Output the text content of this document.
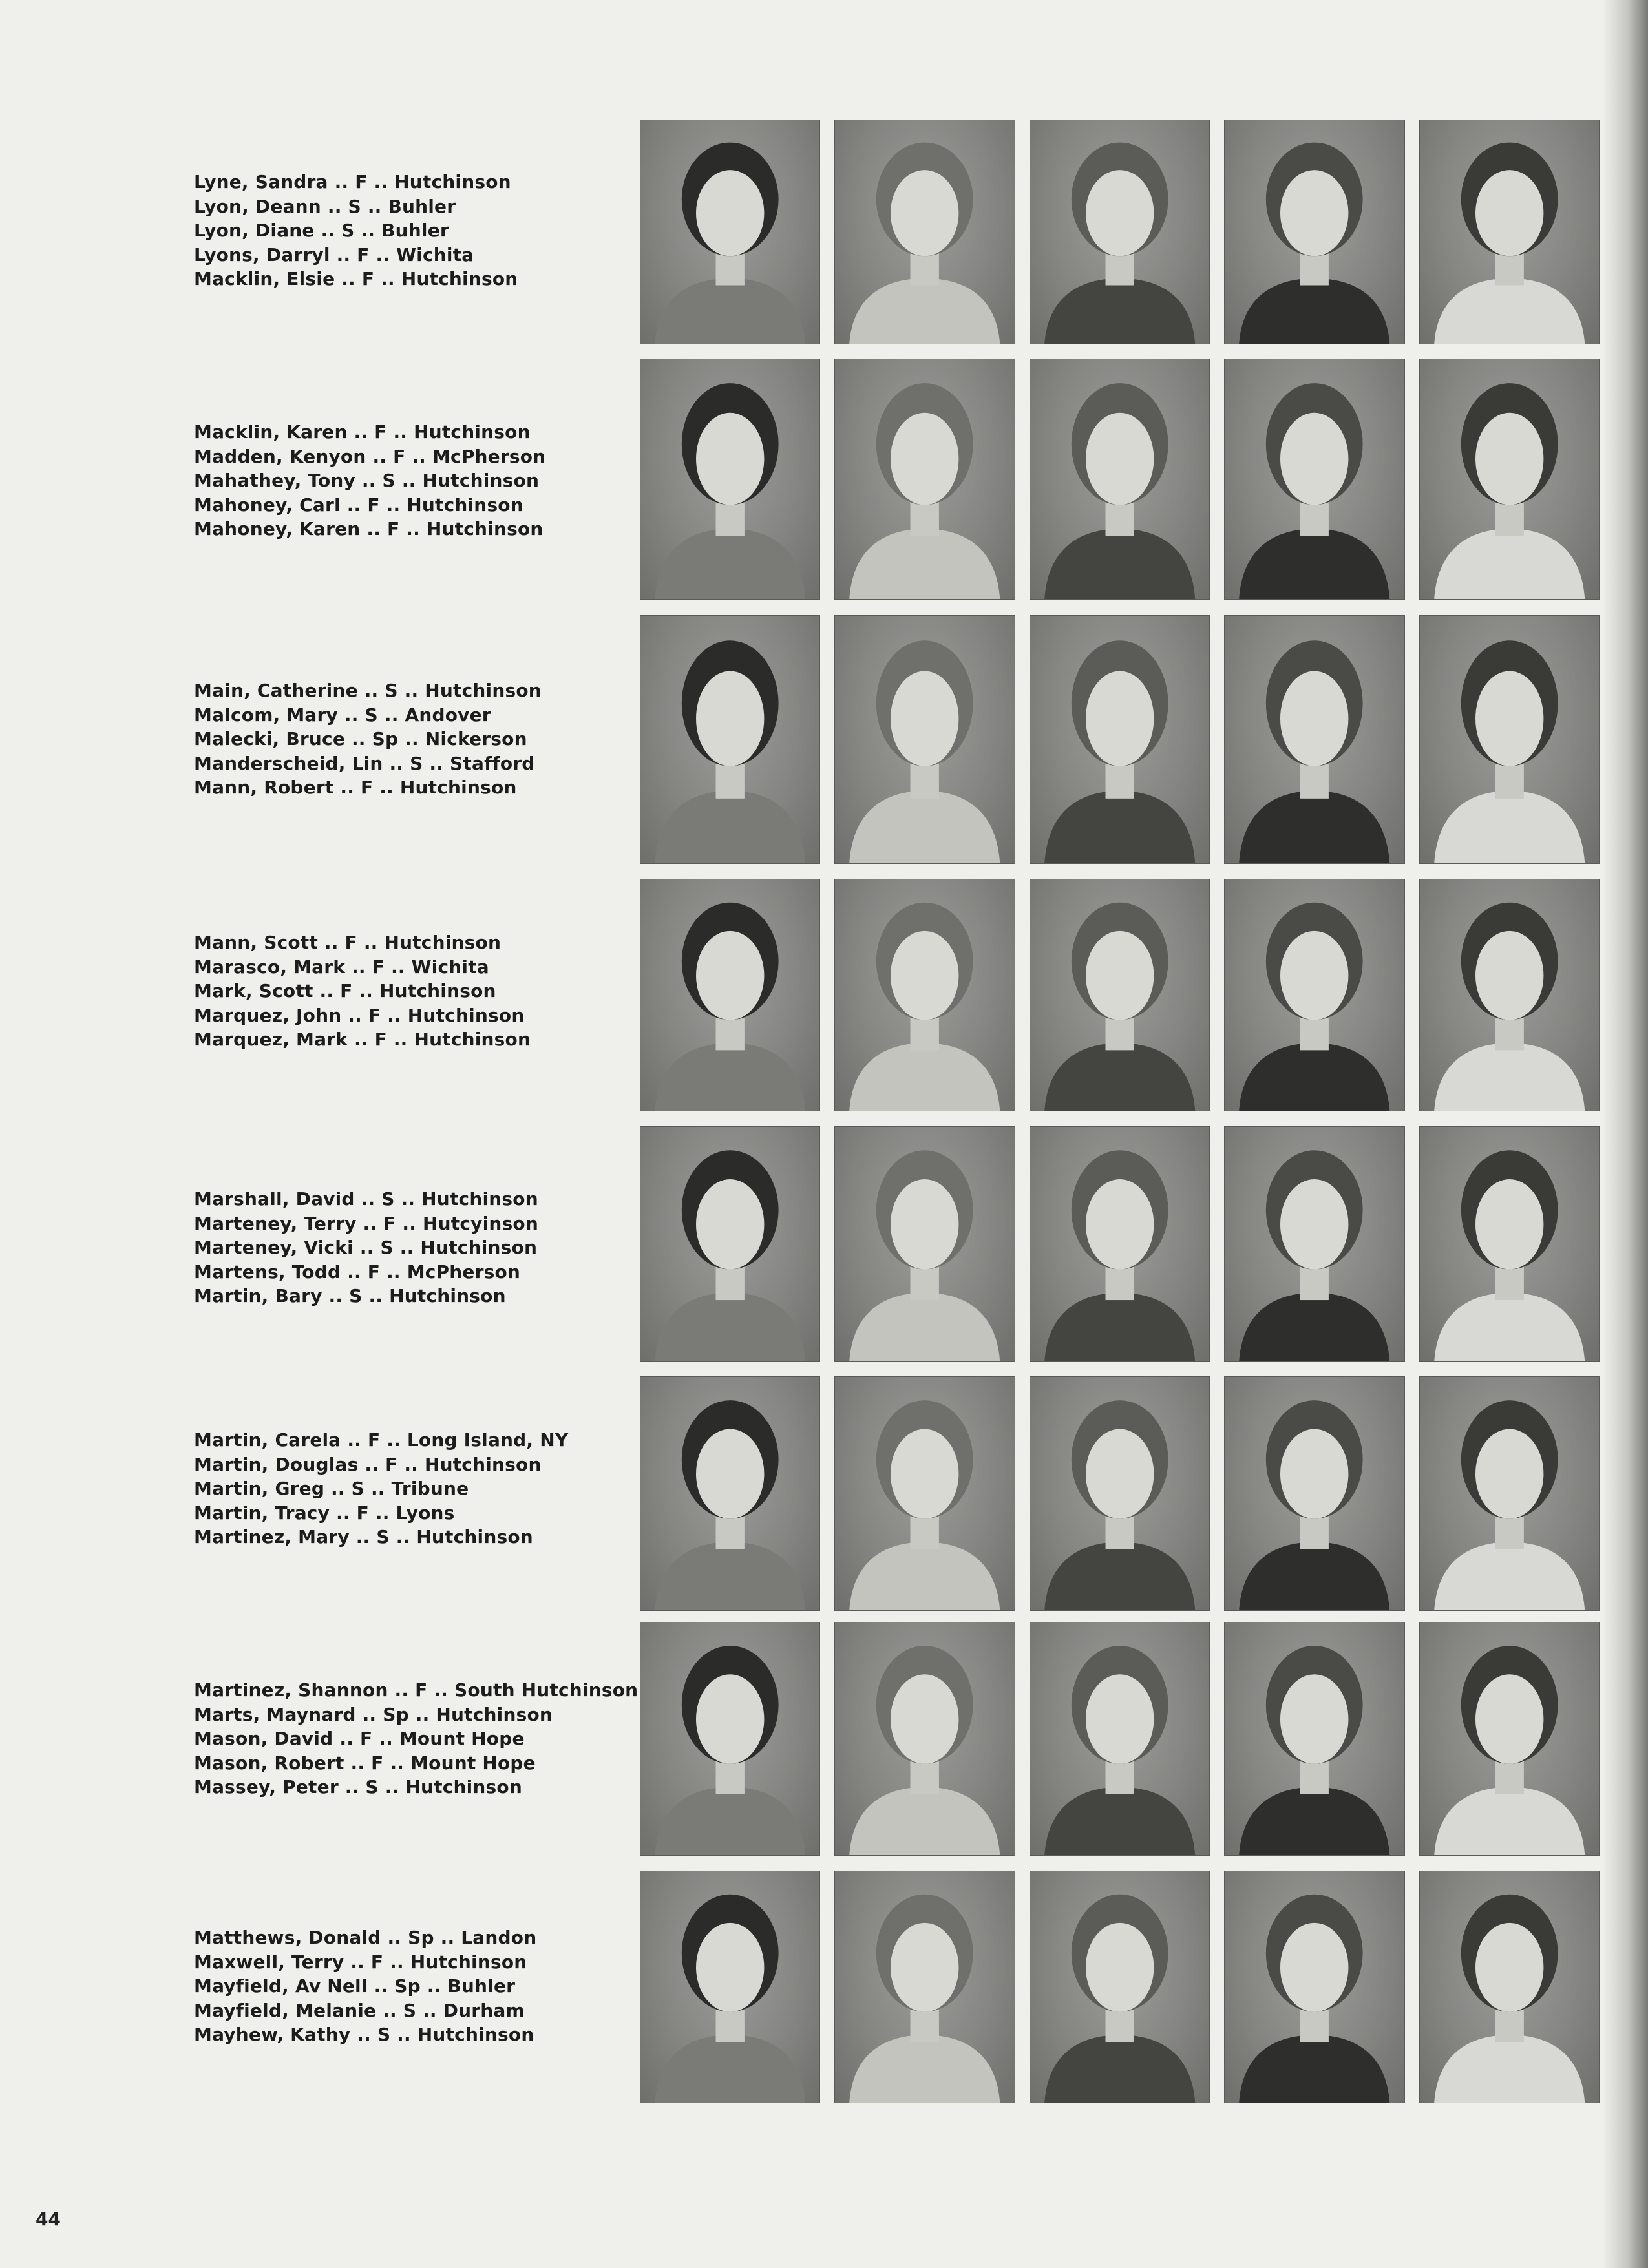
Lyne, Sandra .. F .. Hutchinson
Lyon, Deann .. S .. Buhler
Lyon, Diane .. S .. Buhler
Lyons, Darryl .. F .. Wichita
Macklin, Elsie .. F .. Hutchinson
Macklin, Karen .. F .. Hutchinson
Madden, Kenyon .. F .. McPherson
Mahathey, Tony .. S .. Hutchinson
Mahoney, Carl .. F .. Hutchinson
Mahoney, Karen .. F .. Hutchinson
Main, Catherine .. S .. Hutchinson
Malcom, Mary .. S .. Andover
Malecki, Bruce .. Sp .. Nickerson
Manderscheid, Lin .. S .. Stafford
Mann, Robert .. F .. Hutchinson
Mann, Scott .. F .. Hutchinson
Marasco, Mark .. F .. Wichita
Mark, Scott .. F .. Hutchinson
Marquez, John .. F .. Hutchinson
Marquez, Mark .. F .. Hutchinson
Marshall, David .. S .. Hutchinson
Marteney, Terry .. F .. Hutcyinson
Marteney, Vicki .. S .. Hutchinson
Martens, Todd .. F .. McPherson
Martin, Bary .. S .. Hutchinson
Martin, Carela .. F .. Long Island, NY
Martin, Douglas .. F .. Hutchinson
Martin, Greg .. S .. Tribune
Martin, Tracy .. F .. Lyons
Martinez, Mary .. S .. Hutchinson
Martinez, Shannon .. F .. South Hutchinson
Marts, Maynard .. Sp .. Hutchinson
Mason, David .. F .. Mount Hope
Mason, Robert .. F .. Mount Hope
Massey, Peter .. S .. Hutchinson
Matthews, Donald .. Sp .. Landon
Maxwell, Terry .. F .. Hutchinson
Mayfield, Av Nell .. Sp .. Buhler
Mayfield, Melanie .. S .. Durham
Mayhew, Kathy .. S .. Hutchinson
44
